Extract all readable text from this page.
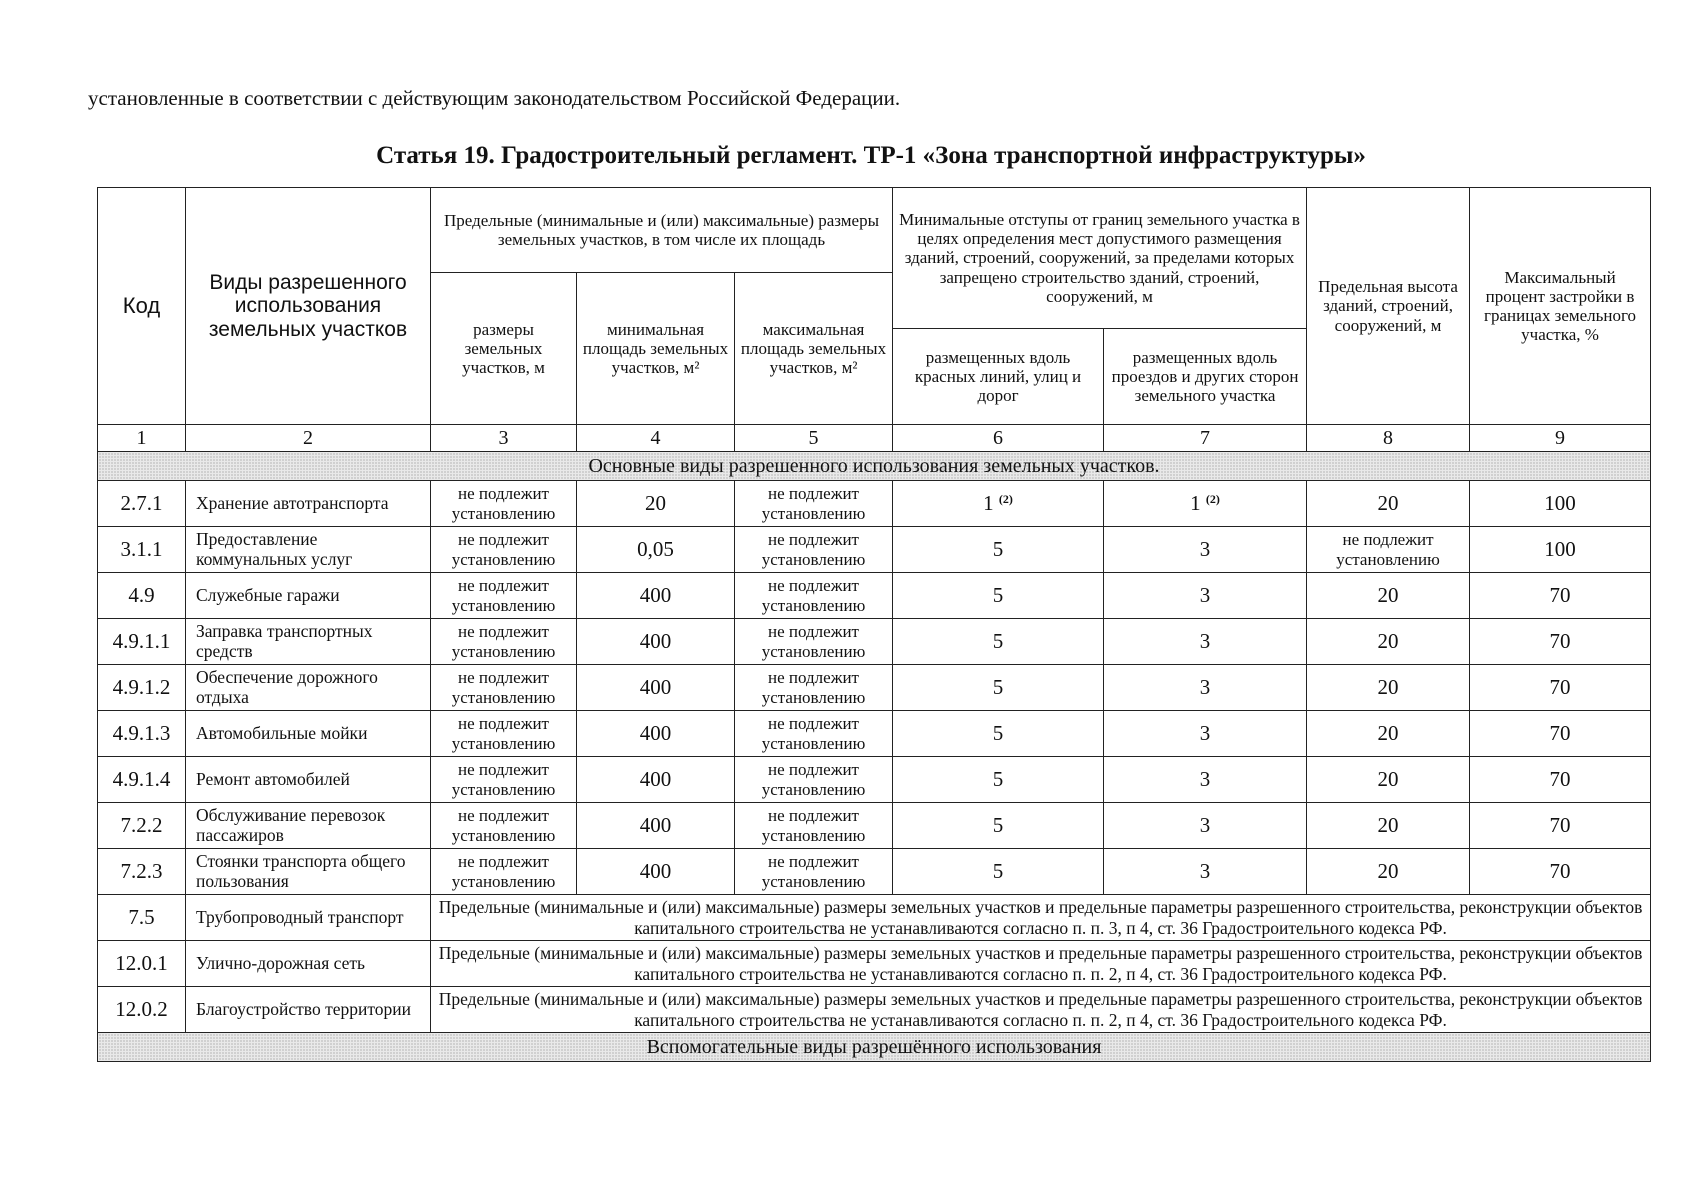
установленные в соответствии с действующим законодательством Российской Федерации.
Статья 19. Градостроительный регламент. ТР-1 «Зона транспортной инфраструктуры»
Код	Виды разрешенного использования земельных участков	Предельные (минимальные и (или) максимальные) размеры земельных участков, в том числе их площадь			Минимальные отступы от границ земельного участка в целях определения мест допустимого размещения зданий, строений, сооружений, за пределами которых запрещено строительство зданий, строений, сооружений, м		Предельная высота зданий, строений, сооружений, м	Максимальный процент застройки в границах земельного участка, %
		размеры земельных участков, м	минимальная площадь земельных участков, м²	максимальная площадь земельных участков, м²				
					размещенных вдоль красных линий, улиц и дорог	размещенных вдоль проездов и других сторон земельного участка		
1	2	3	4	5	6	7	8	9
Основные виды разрешенного использования земельных участков.								
2.7.1	Хранение автотранспорта	не подлежит установлению	20	не подлежит установлению	1 $^{(2)}$	1 $^{(2)}$	20	100
3.1.1	Предоставление коммунальных услуг	не подлежит установлению	0,05	не подлежит установлению	5	3	не подлежит установлению	100
4.9	Служебные гаражи	не подлежит установлению	400	не подлежит установлению	5	3	20	70
4.9.1.1	Заправка транспортных средств	не подлежит установлению	400	не подлежит установлению	5	3	20	70
4.9.1.2	Обеспечение дорожного отдыха	не подлежит установлению	400	не подлежит установлению	5	3	20	70
4.9.1.3	Автомобильные мойки	не подлежит установлению	400	не подлежит установлению	5	3	20	70
4.9.1.4	Ремонт автомобилей	не подлежит установлению	400	не подлежит установлению	5	3	20	70
7.2.2	Обслуживание перевозок пассажиров	не подлежит установлению	400	не подлежит установлению	5	3	20	70
7.2.3	Стоянки транспорта общего пользования	не подлежит установлению	400	не подлежит установлению	5	3	20	70
7.5	Трубопроводный транспорт	Предельные (минимальные и (или) максимальные) размеры земельных участков и предельные параметры разрешенного строительства, реконструкции объектов капитального строительства не устанавливаются согласно п. п. 3, п 4, ст. 36 Градостроительного кодекса РФ.						
12.0.1	Улично-дорожная сеть	Предельные (минимальные и (или) максимальные) размеры земельных участков и предельные параметры разрешенного строительства, реконструкции объектов капитального строительства не устанавливаются согласно п. п. 2, п 4, ст. 36 Градостроительного кодекса РФ.						
12.0.2	Благоустройство территории	Предельные (минимальные и (или) максимальные) размеры земельных участков и предельные параметры разрешенного строительства, реконструкции объектов капитального строительства не устанавливаются согласно п. п. 2, п 4, ст. 36 Градостроительного кодекса РФ.						
Вспомогательные виды разрешённого использования								
